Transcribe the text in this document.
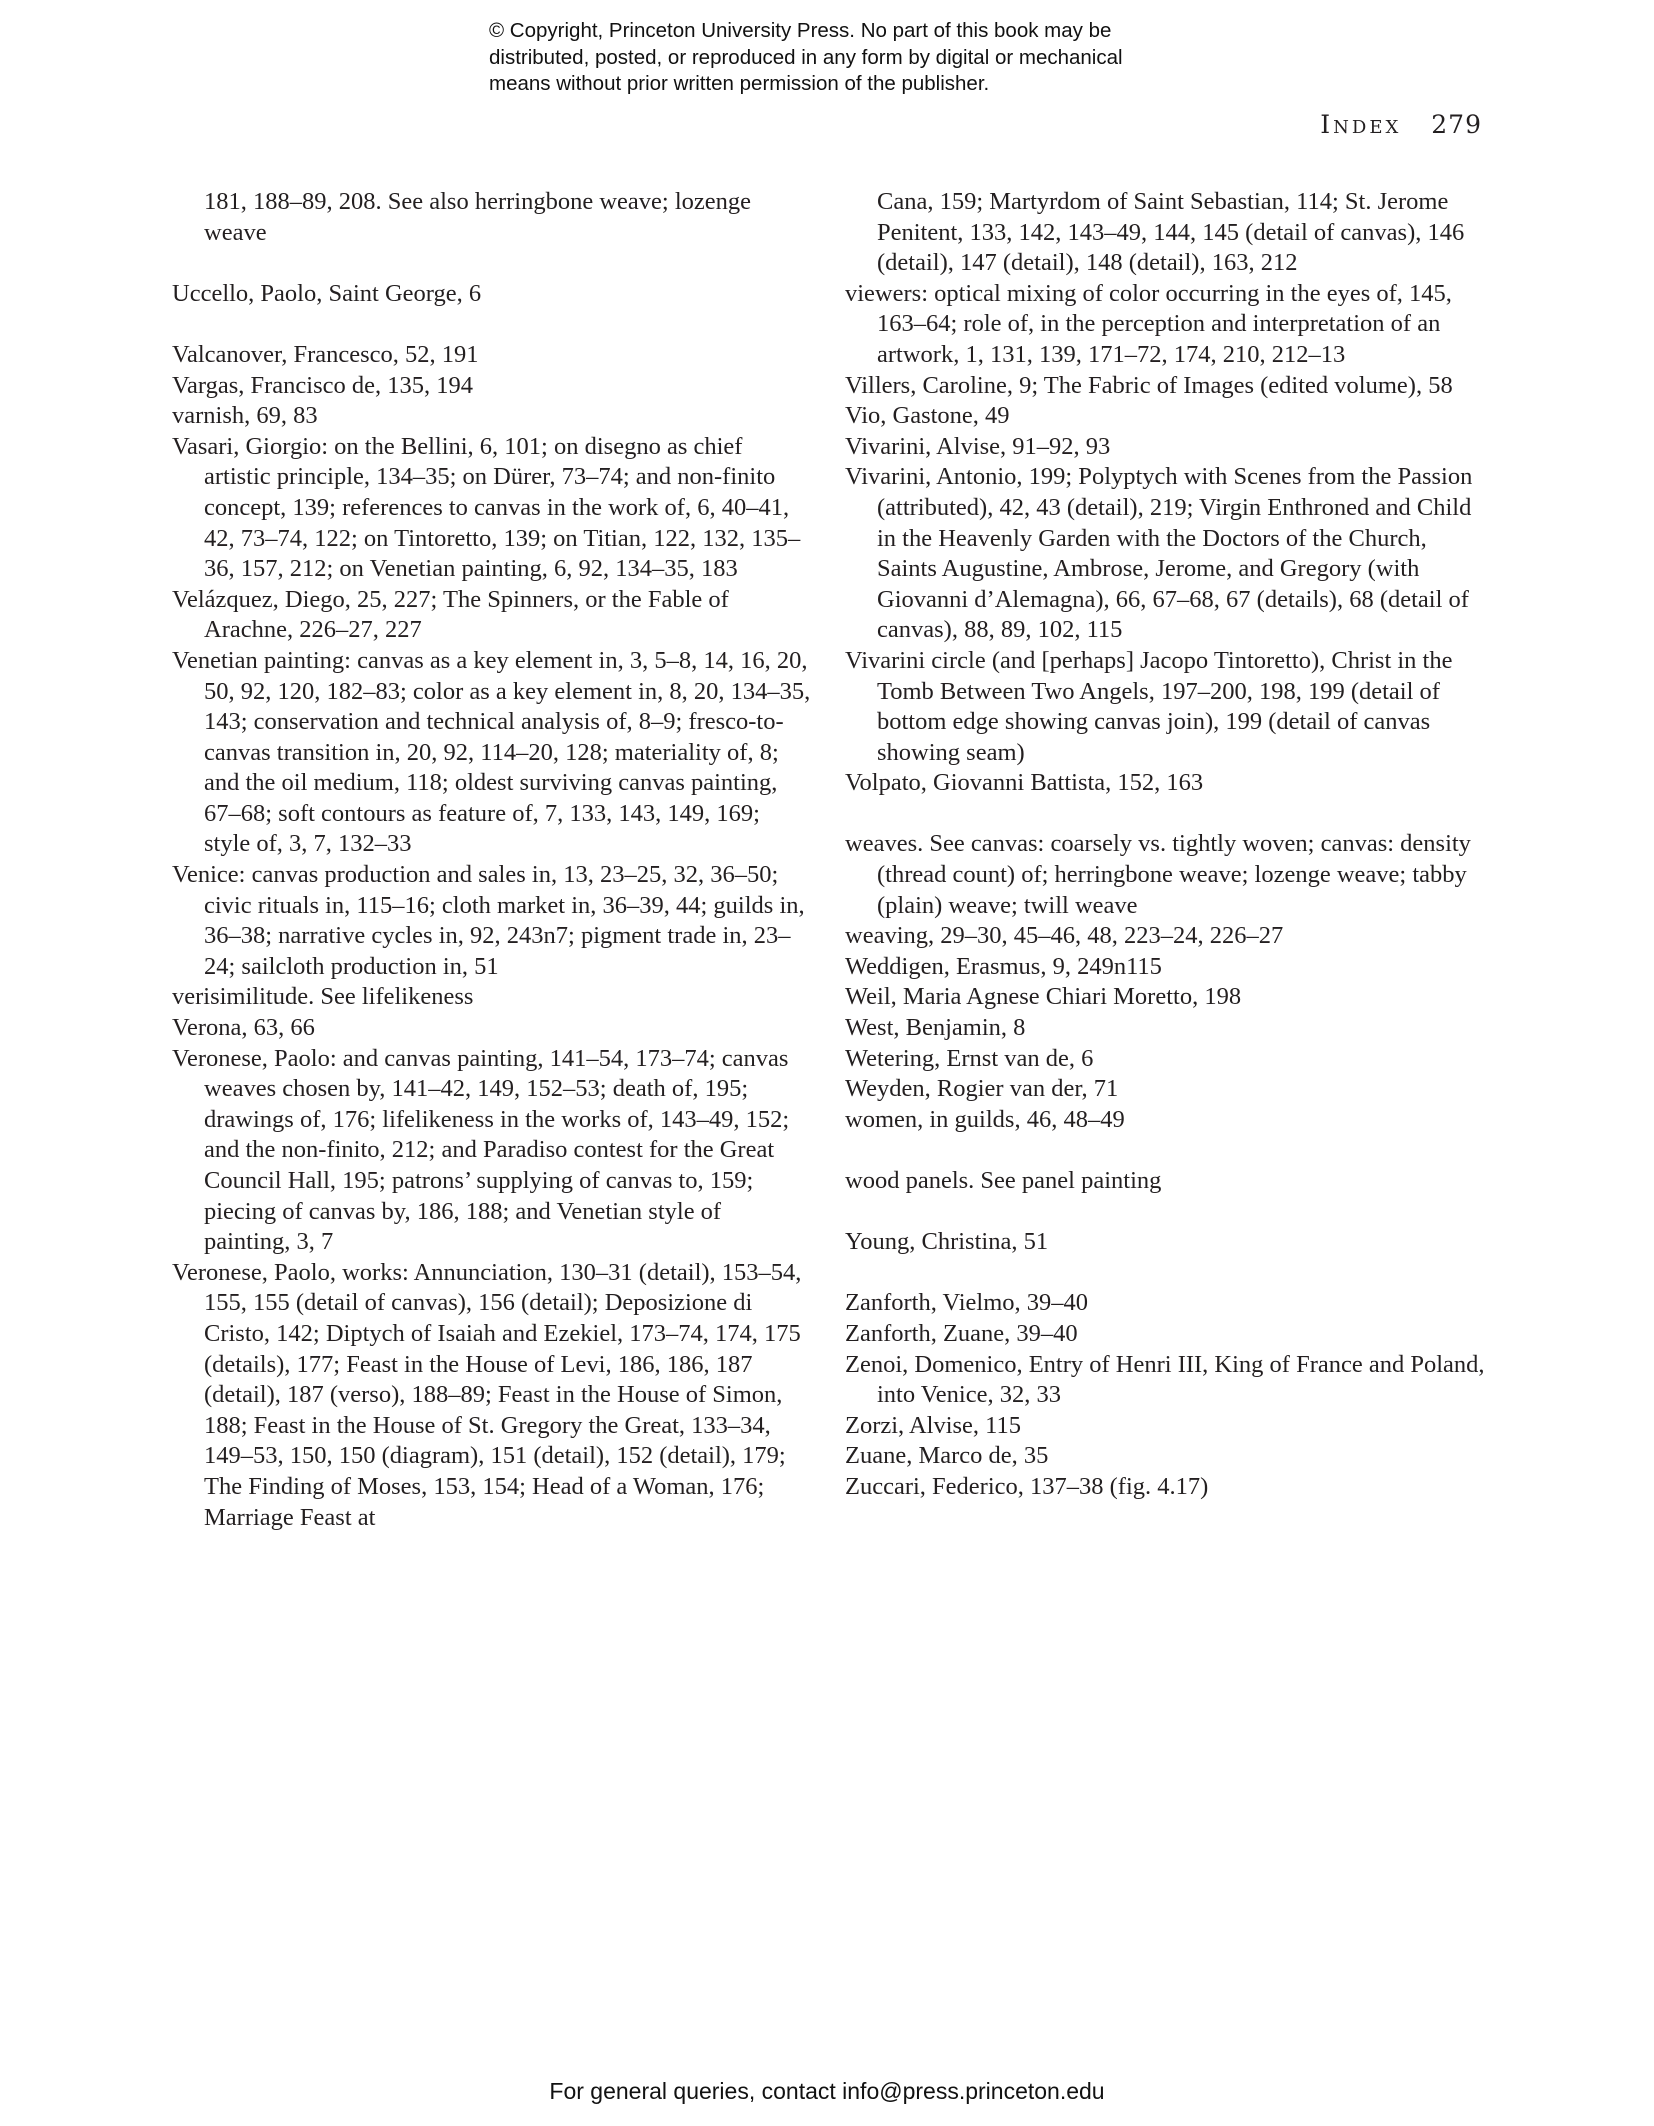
© Copyright, Princeton University Press. No part of this book may be
distributed, posted, or reproduced in any form by digital or mechanical
means without prior written permission of the publisher.
Index 279
181, 188–89, 208. See also herringbone weave; lozenge weave
Uccello, Paolo, Saint George, 6
Valcanover, Francesco, 52, 191
Vargas, Francisco de, 135, 194
varnish, 69, 83
Vasari, Giorgio: on the Bellini, 6, 101; on disegno as chief artistic principle, 134–35; on Dürer, 73–74; and non-finito concept, 139; references to canvas in the work of, 6, 40–41, 42, 73–74, 122; on Tintoretto, 139; on Titian, 122, 132, 135–36, 157, 212; on Venetian painting, 6, 92, 134–35, 183
Velázquez, Diego, 25, 227; The Spinners, or the Fable of Arachne, 226–27, 227
Venetian painting: canvas as a key element in, 3, 5–8, 14, 16, 20, 50, 92, 120, 182–83; color as a key element in, 8, 20, 134–35, 143; conservation and technical analysis of, 8–9; fresco-to-canvas transition in, 20, 92, 114–20, 128; materiality of, 8; and the oil medium, 118; oldest surviving canvas painting, 67–68; soft contours as feature of, 7, 133, 143, 149, 169; style of, 3, 7, 132–33
Venice: canvas production and sales in, 13, 23–25, 32, 36–50; civic rituals in, 115–16; cloth market in, 36–39, 44; guilds in, 36–38; narrative cycles in, 92, 243n7; pigment trade in, 23–24; sailcloth production in, 51
verisimilitude. See lifelikeness
Verona, 63, 66
Veronese, Paolo: and canvas painting, 141–54, 173–74; canvas weaves chosen by, 141–42, 149, 152–53; death of, 195; drawings of, 176; lifelikeness in the works of, 143–49, 152; and the non-finito, 212; and Paradiso contest for the Great Council Hall, 195; patrons’ supplying of canvas to, 159; piecing of canvas by, 186, 188; and Venetian style of painting, 3, 7
Veronese, Paolo, works: Annunciation, 130–31 (detail), 153–54, 155, 155 (detail of canvas), 156 (detail); Deposizione di Cristo, 142; Diptych of Isaiah and Ezekiel, 173–74, 174, 175 (details), 177; Feast in the House of Levi, 186, 186, 187 (detail), 187 (verso), 188–89; Feast in the House of Simon, 188; Feast in the House of St. Gregory the Great, 133–34, 149–53, 150, 150 (diagram), 151 (detail), 152 (detail), 179; The Finding of Moses, 153, 154; Head of a Woman, 176; Marriage Feast at
Cana, 159; Martyrdom of Saint Sebastian, 114; St. Jerome Penitent, 133, 142, 143–49, 144, 145 (detail of canvas), 146 (detail), 147 (detail), 148 (detail), 163, 212
viewers: optical mixing of color occurring in the eyes of, 145, 163–64; role of, in the perception and interpretation of an artwork, 1, 131, 139, 171–72, 174, 210, 212–13
Villers, Caroline, 9; The Fabric of Images (edited volume), 58
Vio, Gastone, 49
Vivarini, Alvise, 91–92, 93
Vivarini, Antonio, 199; Polyptych with Scenes from the Passion (attributed), 42, 43 (detail), 219; Virgin Enthroned and Child in the Heavenly Garden with the Doctors of the Church, Saints Augustine, Ambrose, Jerome, and Gregory (with Giovanni d’Alemagna), 66, 67–68, 67 (details), 68 (detail of canvas), 88, 89, 102, 115
Vivarini circle (and [perhaps] Jacopo Tintoretto), Christ in the Tomb Between Two Angels, 197–200, 198, 199 (detail of bottom edge showing canvas join), 199 (detail of canvas showing seam)
Volpato, Giovanni Battista, 152, 163
weaves. See canvas: coarsely vs. tightly woven; canvas: density (thread count) of; herringbone weave; lozenge weave; tabby (plain) weave; twill weave
weaving, 29–30, 45–46, 48, 223–24, 226–27
Weddigen, Erasmus, 9, 249n115
Weil, Maria Agnese Chiari Moretto, 198
West, Benjamin, 8
Wetering, Ernst van de, 6
Weyden, Rogier van der, 71
women, in guilds, 46, 48–49
wood panels. See panel painting
Young, Christina, 51
Zanforth, Vielmo, 39–40
Zanforth, Zuane, 39–40
Zenoi, Domenico, Entry of Henri III, King of France and Poland, into Venice, 32, 33
Zorzi, Alvise, 115
Zuane, Marco de, 35
Zuccari, Federico, 137–38 (fig. 4.17)
For general queries, contact info@press.princeton.edu
